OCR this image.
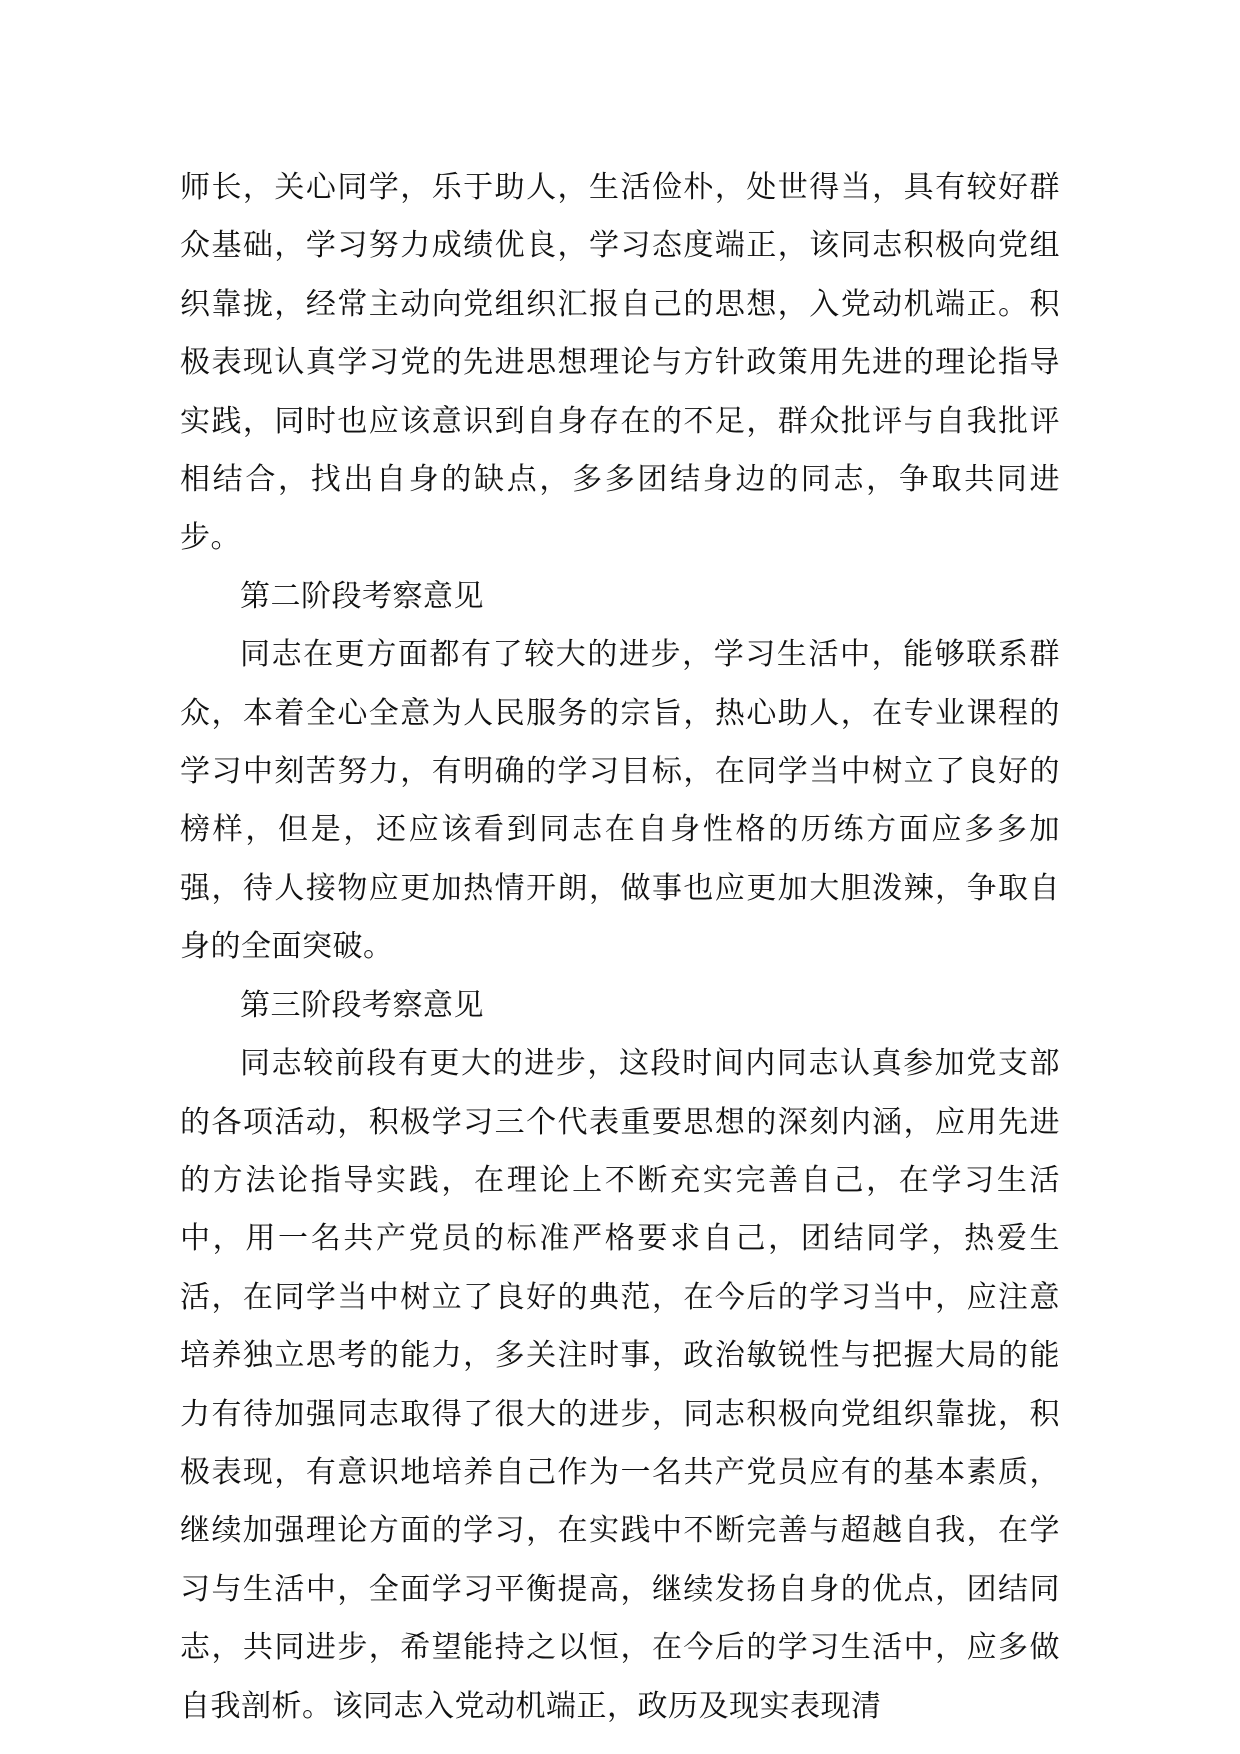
师长，关心同学，乐于助人，生活俭朴，处世得当，具有较好群众基础，学习努力成绩优良，学习态度端正，该同志积极向党组织靠拢，经常主动向党组织汇报自己的思想，入党动机端正。积极表现认真学习党的先进思想理论与方针政策用先进的理论指导实践，同时也应该意识到自身存在的不足，群众批评与自我批评相结合，找出自身的缺点，多多团结身边的同志，争取共同进步。

第二阶段考察意见

同志在更方面都有了较大的进步，学习生活中，能够联系群众，本着全心全意为人民服务的宗旨，热心助人，在专业课程的学习中刻苦努力，有明确的学习目标，在同学当中树立了良好的榜样，但是，还应该看到同志在自身性格的历练方面应多多加强，待人接物应更加热情开朗，做事也应更加大胆泼辣，争取自身的全面突破。

第三阶段考察意见

同志较前段有更大的进步，这段时间内同志认真参加党支部的各项活动，积极学习三个代表重要思想的深刻内涵，应用先进的方法论指导实践，在理论上不断充实完善自己，在学习生活中，用一名共产党员的标准严格要求自己，团结同学，热爱生活，在同学当中树立了良好的典范，在今后的学习当中，应注意培养独立思考的能力，多关注时事，政治敏锐性与把握大局的能力有待加强同志取得了很大的进步，同志积极向党组织靠拢，积极表现，有意识地培养自己作为一名共产党员应有的基本素质，继续加强理论方面的学习，在实践中不断完善与超越自我，在学习与生活中，全面学习平衡提高，继续发扬自身的优点，团结同志，共同进步，希望能持之以恒，在今后的学习生活中，应多做自我剖析。该同志入党动机端正，政历及现实表现清
